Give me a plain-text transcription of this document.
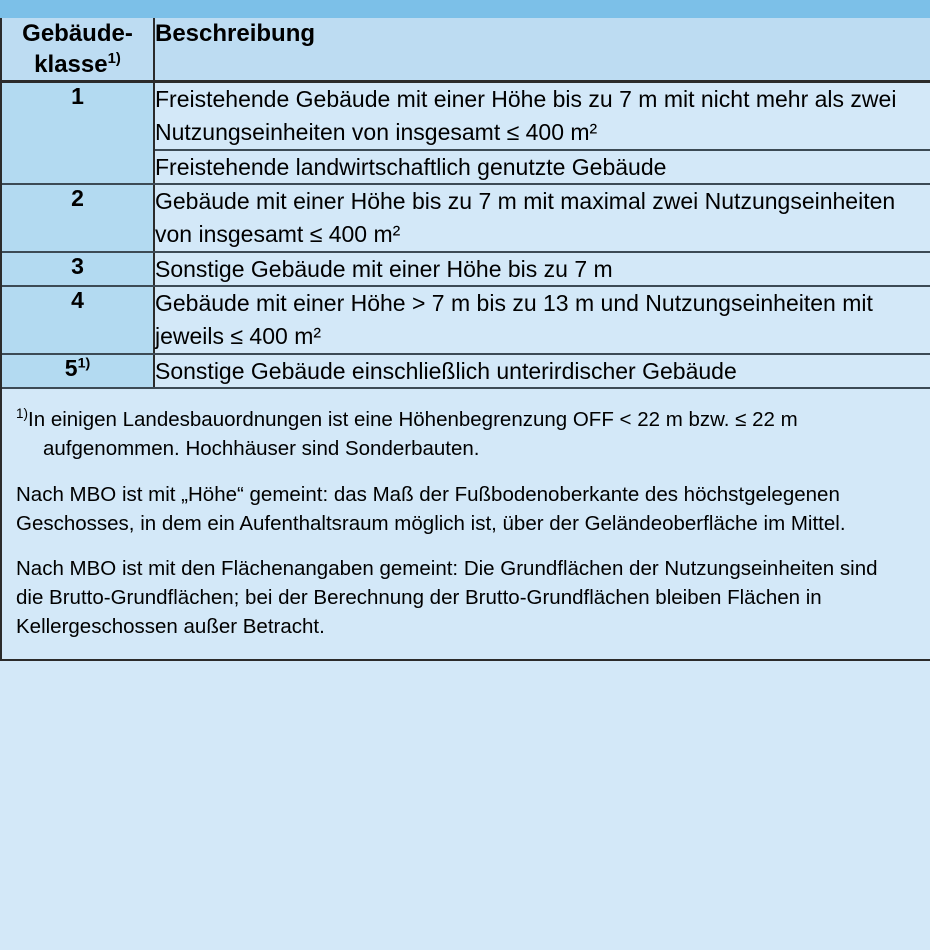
Gebäude-
klasse$^{1)}$	Beschreibung
1	Freistehende Gebäude mit einer Höhe bis zu 7 m mit nicht mehr als zwei Nutzungseinheiten von insgesamt ≤ 400 m²
	Freistehende landwirtschaftlich genutzte Gebäude
2	Gebäude mit einer Höhe bis zu 7 m mit maximal zwei Nutzungseinheiten von insgesamt ≤ 400 m²
3	Sonstige Gebäude mit einer Höhe bis zu 7 m
4	Gebäude mit einer Höhe > 7 m bis zu 13 m und Nutzungseinheiten mit jeweils ≤ 400 m²
5$^{1)}$	Sonstige Gebäude einschließlich unterirdischer Gebäude

$^{1)}$In einigen Landesbauordnungen ist eine Höhenbegrenzung OFF < 22 m bzw. ≤ 22 m aufgenommen. Hochhäuser sind Sonderbauten.

Nach MBO ist mit „Höhe“ gemeint: das Maß der Fußbodenoberkante des höchstgelegenen Geschosses, in dem ein Aufenthaltsraum möglich ist, über der Geländeoberfläche im Mittel.

Nach MBO ist mit den Flächenangaben gemeint: Die Grundflächen der Nutzungseinheiten sind die Brutto-Grundflächen; bei der Berechnung der Brutto-Grundflächen bleiben Flächen in Kellergeschossen außer Betracht.
